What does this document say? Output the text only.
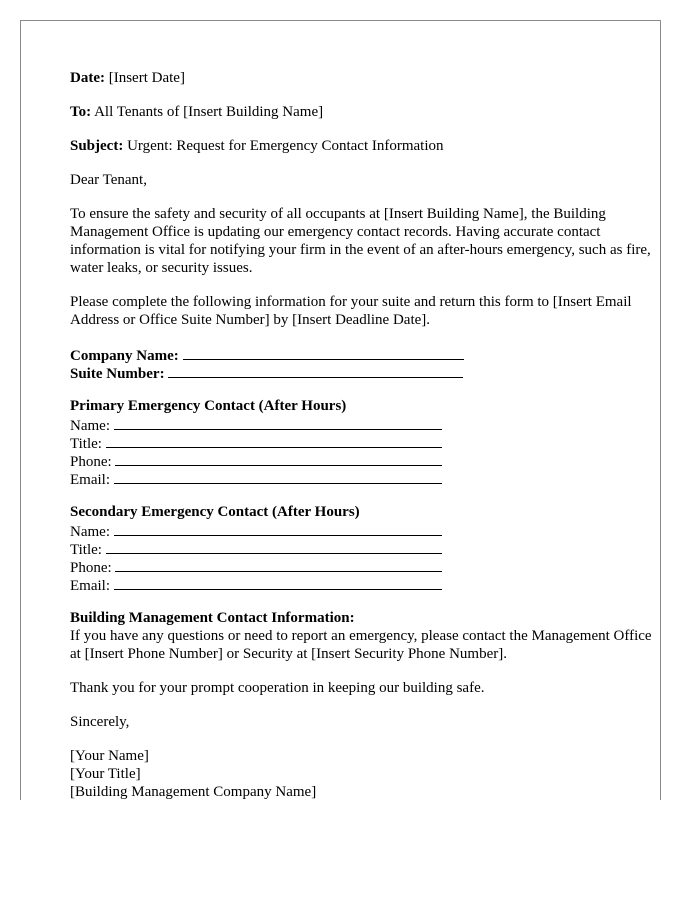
Date: [Insert Date]

To: All Tenants of [Insert Building Name]

Subject: Urgent: Request for Emergency Contact Information

Dear Tenant,

To ensure the safety and security of all occupants at [Insert Building Name], the Building Management Office is updating our emergency contact records. Having accurate contact information is vital for notifying your firm in the event of an after-hours emergency, such as fire, water leaks, or security issues.

Please complete the following information for your suite and return this form to [Insert Email Address or Office Suite Number] by [Insert Deadline Date].

Company Name:
Suite Number:
Primary Emergency Contact (After Hours)
Name:
Title:
Phone:
Email:
Secondary Emergency Contact (After Hours)
Name:
Title:
Phone:
Email:
Building Management Contact Information:
If you have any questions or need to report an emergency, please contact the Management Office at [Insert Phone Number] or Security at [Insert Security Phone Number].

Thank you for your prompt cooperation in keeping our building safe.

Sincerely,

[Your Name]
[Your Title]
[Building Management Company Name]
